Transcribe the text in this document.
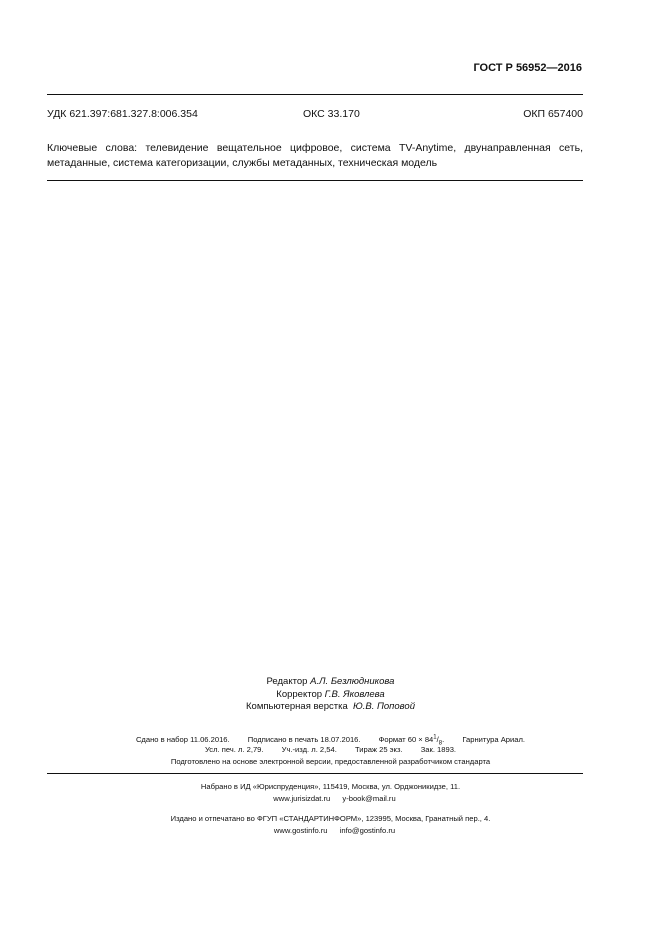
ГОСТ Р 56952—2016
УДК 621.397:681.327.8:006.354	ОКС 33.170	ОКП 657400
Ключевые слова: телевидение вещательное цифровое, система TV-Anytime, двунаправленная сеть, метаданные, система категоризации, службы метаданных, техническая модель
Редактор А.Л. Безлюдникова
Корректор Г.В. Яковлева
Компьютерная верстка Ю.В. Поповой
Сдано в набор 11.06.2016. Подписано в печать 18.07.2016. Формат $60 \times 84^1/_8$. Гарнитура Ариал.
Усл. печ. л. 2,79. Уч.-изд. л. 2,54. Тираж 25 экз. Зак. 1893.
Подготовлено на основе электронной версии, предоставленной разработчиком стандарта
Набрано в ИД «Юриспруденция», 115419, Москва, ул. Орджоникидзе, 11.
www.jurisizdat.ru y-book@mail.ru
Издано и отпечатано во ФГУП «СТАНДАРТИНФОРМ», 123995, Москва, Гранатный пер., 4.
www.gostinfo.ru info@gostinfo.ru
